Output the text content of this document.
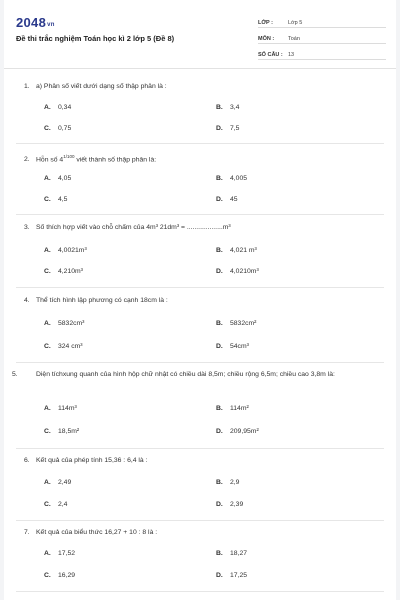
2048vn
Đề thi trắc nghiệm Toán học kì 2 lớp 5 (Đề 8)
LỚP :	Lớp 5
MÔN :	Toán
SỐ CÂU : 13
1. a) Phân số viết dưới dạng số thập phân là :
A. 0,34	B. 3,4
C. 0,75	D. 7,5
2. Hỗn số $4^{1/100}$ viết thành số thập phân là:
A. 4,05	B. 4,005
C. 4,5	D. 45
3. Số thích hợp viết vào chỗ chấm của 4m³ 21dm³ = ...................m³
A. 4,0021m³	B. 4,021 m³
C. 4,210m³	D. 4,0210m³
4. Thể tích hình lập phương có cạnh 18cm là :
A. 5832cm³	B. 5832cm²
C. 324 cm³	D. 54cm³
5.	Diện tíchxung quanh của hình hộp chữ nhật có chiều dài 8,5m; chiều rộng 6,5m; chiều cao 3,8m là:
A. 114m³	B. 114m²
C. 18,5m²	D. 209,95m²
6. Kết quả của phép tính 15,36 : 6,4 là :
A. 2,49	B. 2,9
C. 2,4	D. 2,39
7. Kết quả của biểu thức 16,27 + 10 : 8 là :
A. 17,52	B. 18,27
C. 16,29	D. 17,25
